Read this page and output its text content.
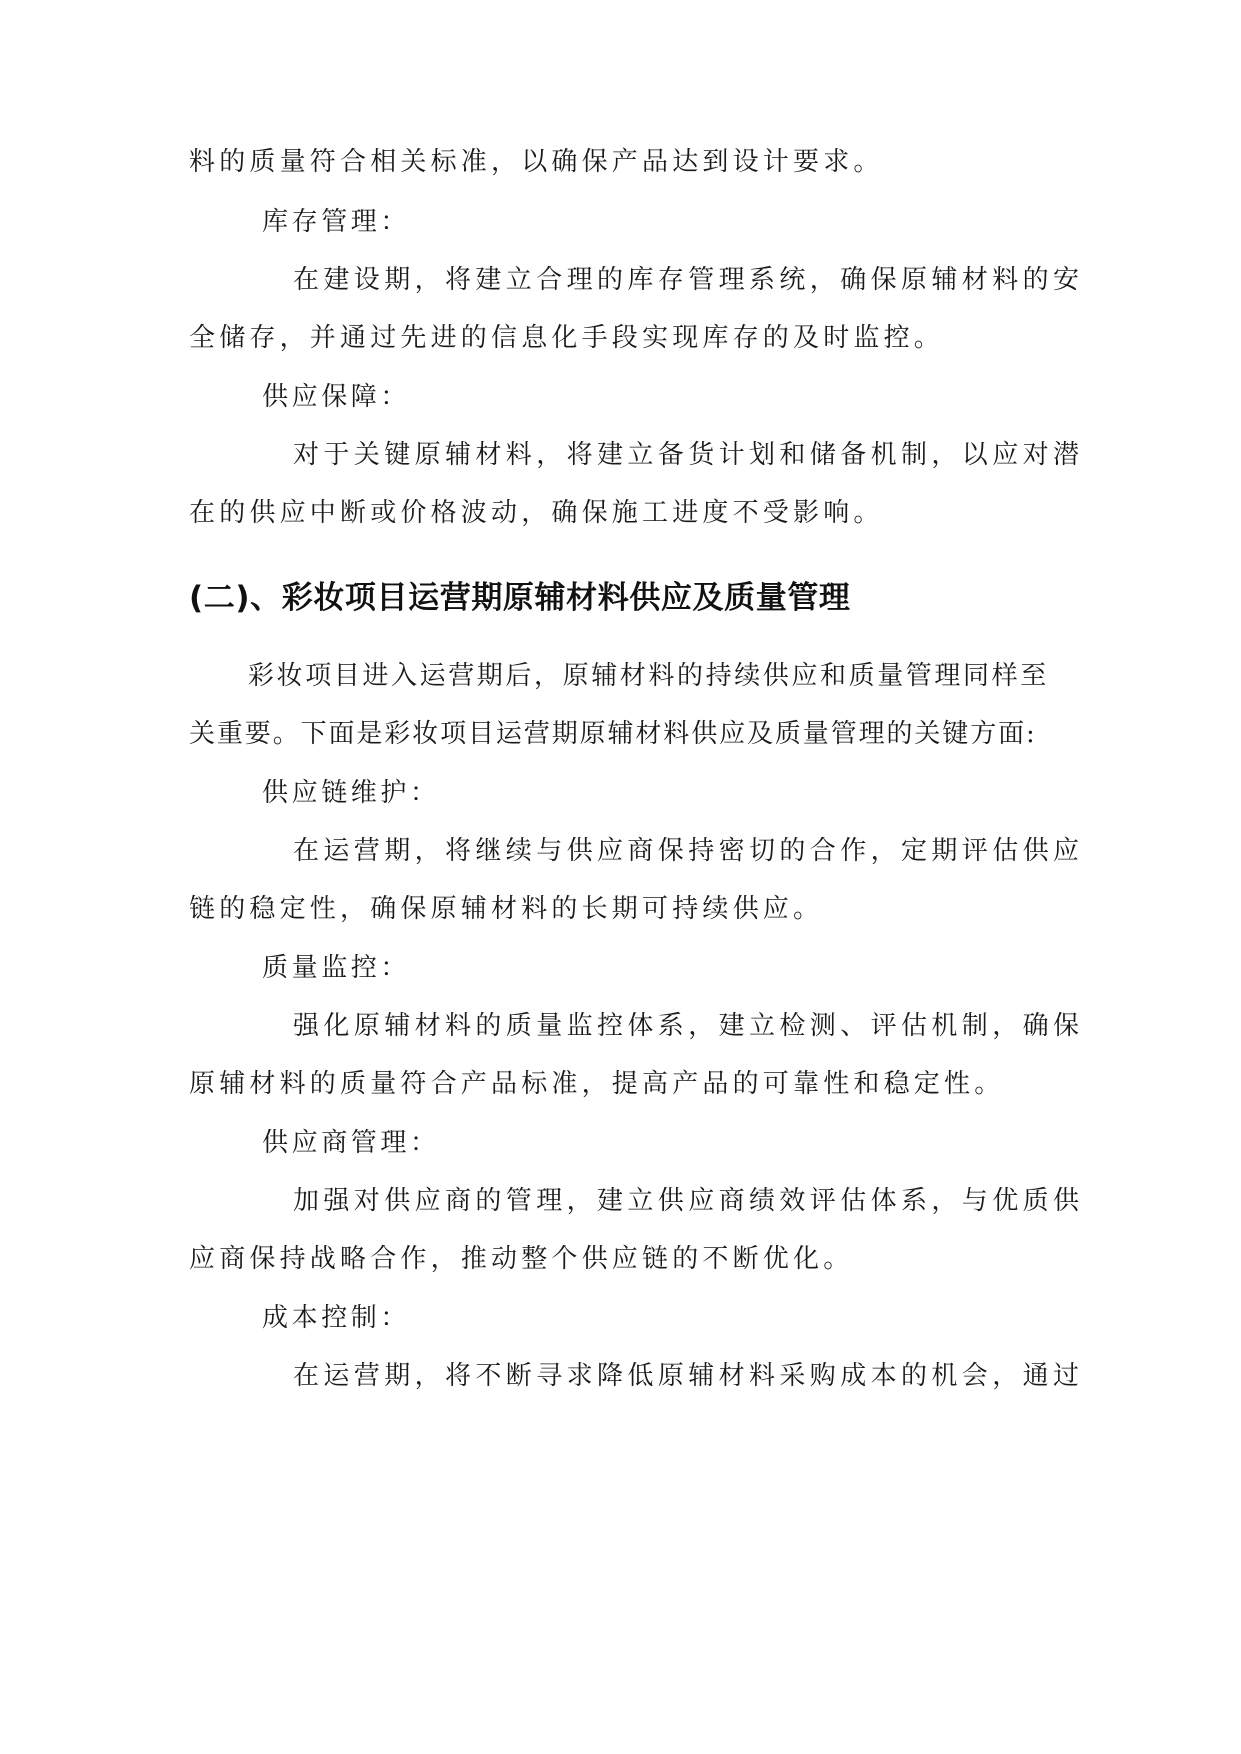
料的质量符合相关标准，以确保产品达到设计要求。
库存管理：
在建设期，将建立合理的库存管理系统，确保原辅材料的安
全储存，并通过先进的信息化手段实现库存的及时监控。
供应保障：
对于关键原辅材料，将建立备货计划和储备机制，以应对潜
在的供应中断或价格波动，确保施工进度不受影响。
(二)、彩妆项目运营期原辅材料供应及质量管理
彩妆项目进入运营期后，原辅材料的持续供应和质量管理同样至
关重要。下面是彩妆项目运营期原辅材料供应及质量管理的关键方面:
供应链维护：
在运营期，将继续与供应商保持密切的合作，定期评估供应
链的稳定性，确保原辅材料的长期可持续供应。
质量监控：
强化原辅材料的质量监控体系，建立检测、评估机制，确保
原辅材料的质量符合产品标准，提高产品的可靠性和稳定性。
供应商管理：
加强对供应商的管理，建立供应商绩效评估体系，与优质供
应商保持战略合作，推动整个供应链的不断优化。
成本控制：
在运营期，将不断寻求降低原辅材料采购成本的机会，通过
